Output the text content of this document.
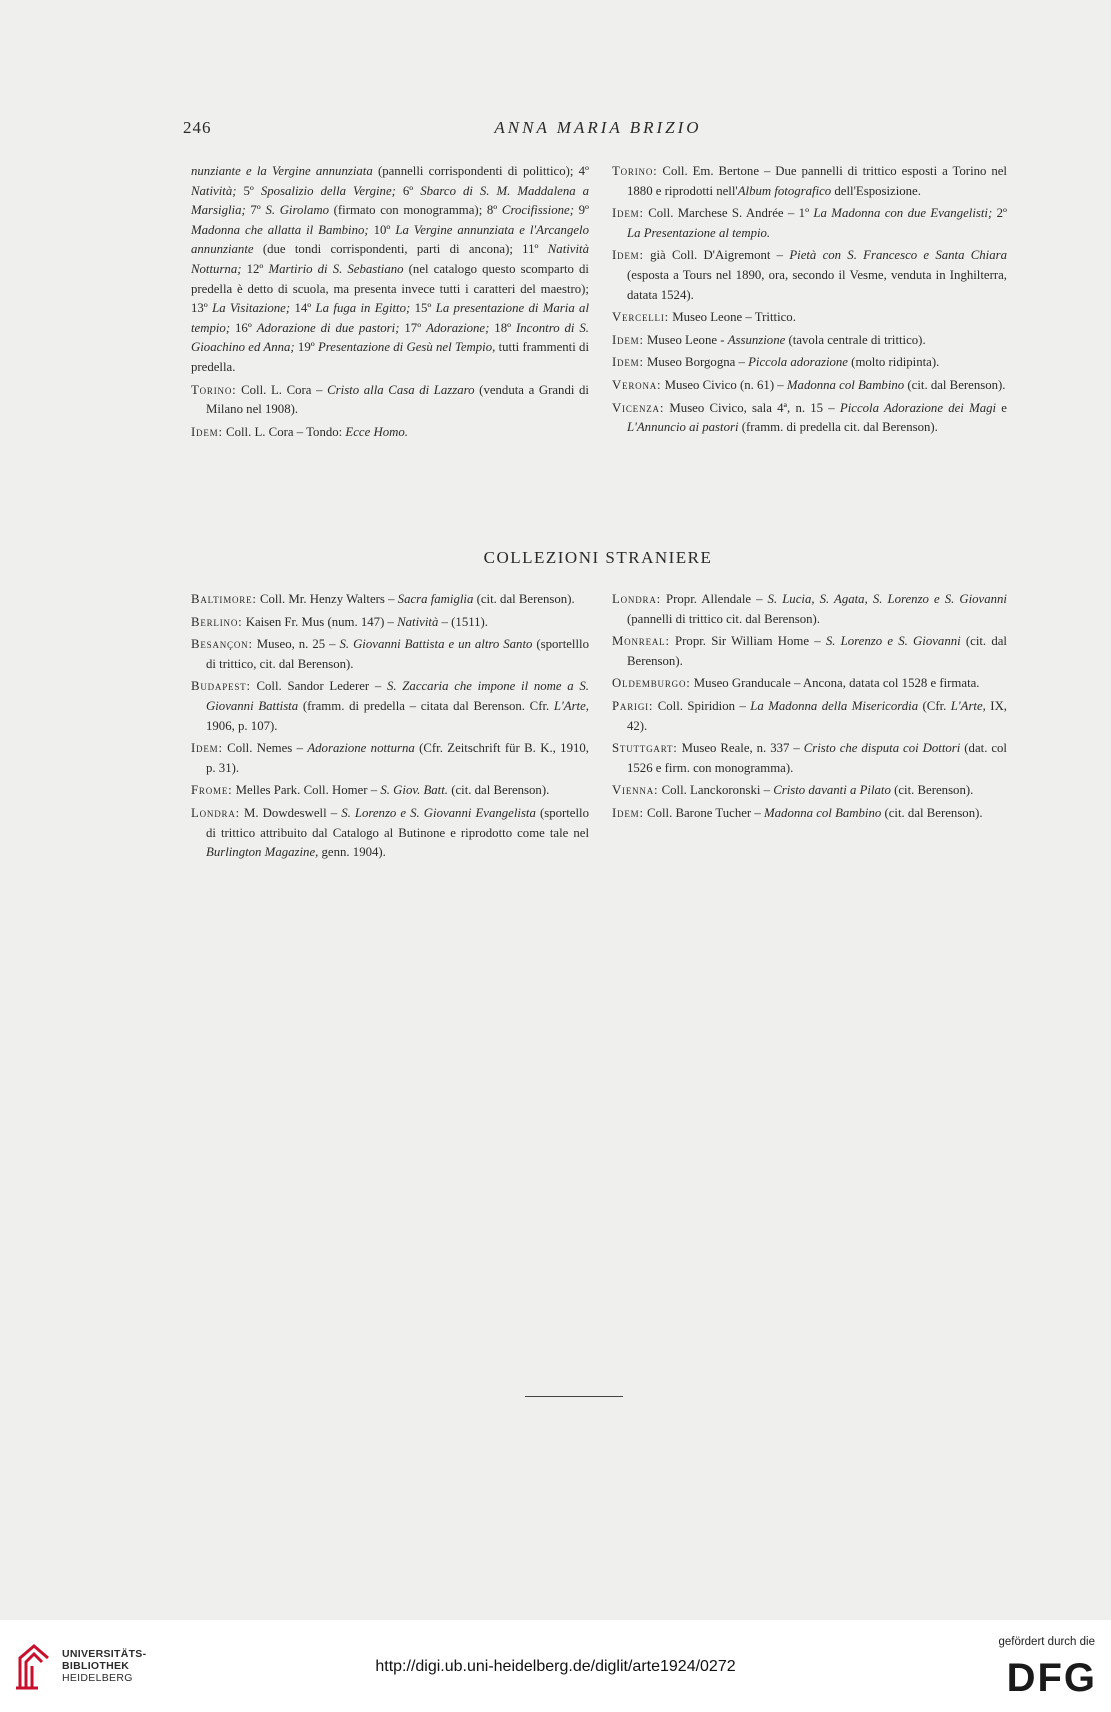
246	ANNA MARIA BRIZIO

nunziante e la Vergine annunziata (pannelli corrispondenti di polittico); 4º Natività; 5º Sposalizio della Vergine; 6º Sbarco di S. M. Maddalena a Marsiglia; 7º S. Girolamo (firmato con monogramma); 8º Crocifissione; 9º Madonna che allatta il Bambino; 10º La Vergine annunziata e l'Arcangelo annunziante (due tondi corrispondenti, parti di ancona); 11º Natività Notturna; 12º Martirio di S. Sebastiano (nel catalogo questo scomparto di predella è detto di scuola, ma presenta invece tutti i caratteri del maestro); 13º La Visitazione; 14º La fuga in Egitto; 15º La presentazione di Maria al tempio; 16º Adorazione di due pastori; 17º Adorazione; 18º Incontro di S. Gioachino ed Anna; 19º Presentazione di Gesù nel Tempio, tutti frammenti di predella.

Torino: Coll. L. Cora – Cristo alla Casa di Lazzaro (venduta a Grandi di Milano nel 1908).

Idem: Coll. L. Cora – Tondo: Ecce Homo.

Torino: Coll. Em. Bertone – Due pannelli di trittico esposti a Torino nel 1880 e riprodotti nell'Album fotografico dell'Esposizione.

Idem: Coll. Marchese S. Andrée – 1º La Madonna con due Evangelisti; 2º La Presentazione al tempio.

Idem: già Coll. D'Aigremont – Pietà con S. Francesco e Santa Chiara (esposta a Tours nel 1890, ora, secondo il Vesme, venduta in Inghilterra, datata 1524).

Vercelli: Museo Leone – Trittico.

Idem: Museo Leone - Assunzione (tavola centrale di trittico).

Idem: Museo Borgogna – Piccola adorazione (molto ridipinta).

Verona: Museo Civico (n. 61) – Madonna col Bambino (cit. dal Berenson).

Vicenza: Museo Civico, sala 4ª, n. 15 – Piccola Adorazione dei Magi e L'Annuncio ai pastori (framm. di predella cit. dal Berenson).

COLLEZIONI STRANIERE

Baltimore: Coll. Mr. Henzy Walters – Sacra famiglia (cit. dal Berenson).

Berlino: Kaisen Fr. Mus (num. 147) – Natività – (1511).

Besançon: Museo, n. 25 – S. Giovanni Battista e un altro Santo (sportelllo di trittico, cit. dal Berenson).

Budapest: Coll. Sandor Lederer – S. Zaccaria che impone il nome a S. Giovanni Battista (framm. di predella – citata dal Berenson. Cfr. L'Arte, 1906, p. 107).

Idem: Coll. Nemes – Adorazione notturna (Cfr. Zeitschrift für B. K., 1910, p. 31).

Frome: Melles Park. Coll. Homer – S. Giov. Batt. (cit. dal Berenson).

Londra: M. Dowdeswell – S. Lorenzo e S. Giovanni Evangelista (sportello di trittico attribuito dal Catalogo al Butinone e riprodotto come tale nel Burlington Magazine, genn. 1904).

Londra: Propr. Allendale – S. Lucia, S. Agata, S. Lorenzo e S. Giovanni (pannelli di trittico cit. dal Berenson).

Monreal: Propr. Sir William Home – S. Lorenzo e S. Giovanni (cit. dal Berenson).

Oldemburgo: Museo Granducale – Ancona, datata col 1528 e firmata.

Parigi: Coll. Spiridion – La Madonna della Misericordia (Cfr. L'Arte, IX, 42).

Stuttgart: Museo Reale, n. 337 – Cristo che disputa coi Dottori (dat. col 1526 e firm. con monogramma).

Vienna: Coll. Lanckoronski – Cristo davanti a Pilato (cit. Berenson).

Idem: Coll. Barone Tucher – Madonna col Bambino (cit. dal Berenson).

UNIVERSITÄTS-
BIBLIOTHEK
HEIDELBERG
http://digi.ub.uni-heidelberg.de/diglit/arte1924/0272
gefördert durch die
DFG
